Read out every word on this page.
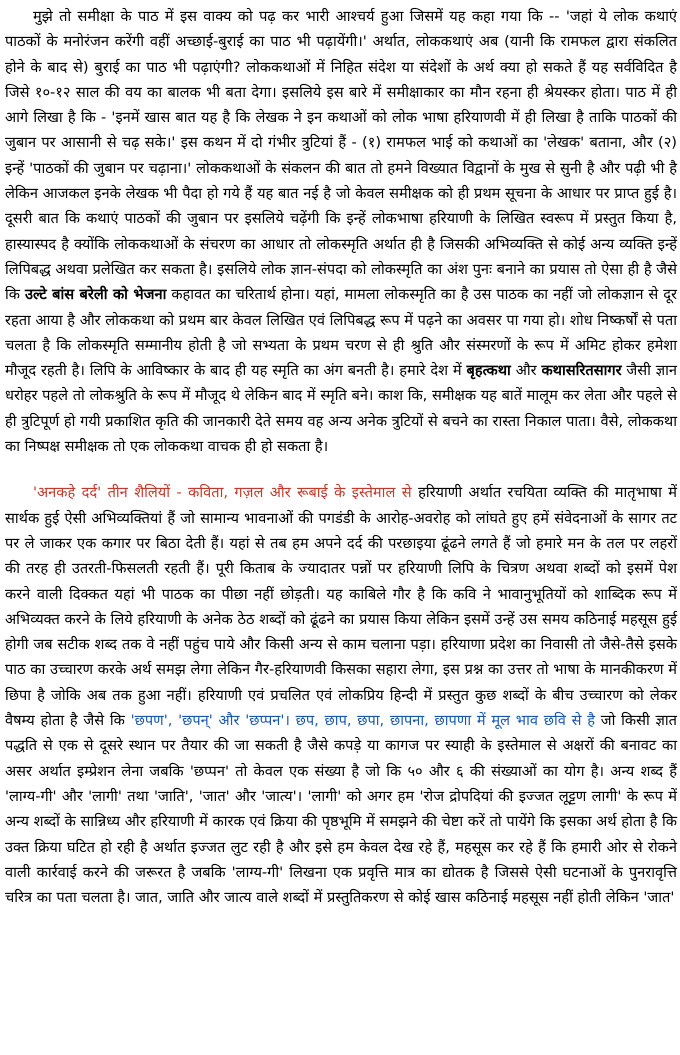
मुझे तो समीक्षा के पाठ में इस वाक्य को पढ़ कर भारी आश्चर्य हुआ जिसमें यह कहा गया कि -- 'जहां ये लोक कथाएं पाठकों के मनोरंजन करेंगी वहीं अच्छाई-बुराई का पाठ भी पढ़ायेंगी।' अर्थात, लोककथाएं अब (यानी कि रामफल द्वारा संकलित होने के बाद से) बुराई का पाठ भी पढ़ाएंगी? लोककथाओं में निहित संदेश या संदेशों के अर्थ क्या हो सकते हैं यह सर्वविदित है जिसे १०-१२ साल की वय का बालक भी बता देगा। इसलिये इस बारे में समीक्षाकार का मौन रहना ही श्रेयस्कर होता। पाठ में ही आगे लिखा है कि - 'इनमें खास बात यह है कि लेखक ने इन कथाओं को लोक भाषा हरियाणवी में ही लिखा है ताकि पाठकों की जुबान पर आसानी से चढ़ सके।' इस कथन में दो गंभीर त्रुटियां हैं - (१) रामफल भाई को कथाओं का 'लेखक' बताना, और (२) इन्हें 'पाठकों की जुबान पर चढ़ाना।' लोककथाओं के संकलन की बात तो हमने विख्यात विद्वानों के मुख से सुनी है और पढ़ी भी है लेकिन आजकल इनके लेखक भी पैदा हो गये हैं यह बात नई है जो केवल समीक्षक को ही प्रथम सूचना के आधार पर प्राप्त हुई है। दूसरी बात कि कथाएं पाठकों की जुबान पर इसलिये चढ़ेंगी कि इन्हें लोकभाषा हरियाणी के लिखित स्वरूप में प्रस्तुत किया है, हास्यास्पद है क्योंकि लोककथाओं के संचरण का आधार तो लोकस्मृति अर्थात ही है जिसकी अभिव्यक्ति से कोई अन्य व्यक्ति इन्हें लिपिबद्ध अथवा प्रलेखित कर सकता है। इसलिये लोक ज्ञान-संपदा को लोकस्मृति का अंश पुनः बनाने का प्रयास तो ऐसा ही है जैसे कि उल्टे बांस बरेली को भेजना कहावत का चरितार्थ होना। यहां, मामला लोकस्मृति का है उस पाठक का नहीं जो लोकज्ञान से दूर रहता आया है और लोककथा को प्रथम बार केवल लिखित एवं लिपिबद्ध रूप में पढ़ने का अवसर पा गया हो। शोध निष्कर्षों से पता चलता है कि लोकस्मृति सम्मानीय होती है जो सभ्यता के प्रथम चरण से ही श्रुति और संस्मरणों के रूप में अमिट होकर हमेशा मौजूद रहती है। लिपि के आविष्कार के बाद ही यह स्मृति का अंग बनती है। हमारे देश में बृहत्कथा और कथासरितसागर जैसी ज्ञान धरोहर पहले तो लोकश्रुति के रूप में मौजूद थे लेकिन बाद में स्मृति बने। काश कि, समीक्षक यह बातें मालूम कर लेता और पहले से ही त्रुटिपूर्ण हो गयी प्रकाशित कृति की जानकारी देते समय वह अन्य अनेक त्रुटियों से बचने का रास्ता निकाल पाता। वैसे, लोककथा का निष्पक्ष समीक्षक तो एक लोककथा वाचक ही हो सकता है।

'अनकहे दर्द' तीन शैलियों - कविता, गज़ल और रूबाई के इस्तेमाल से हरियाणी अर्थात रचयिता व्यक्ति की मातृभाषा में सार्थक हुई ऐसी अभिव्यक्तियां हैं जो सामान्य भावनाओं की पगडंडी के आरोह-अवरोह को लांघते हुए हमें संवेदनाओं के सागर तट पर ले जाकर एक कगार पर बिठा देती हैं। यहां से तब हम अपने दर्द की परछाइया ढूंढने लगते हैं जो हमारे मन के तल पर लहरों की तरह ही उतरती-फिसलती रहती हैं। पूरी किताब के ज्यादातर पन्नों पर हरियाणी लिपि के चित्रण अथवा शब्दों को इसमें पेश करने वाली दिक्कत यहां भी पाठक का पीछा नहीं छोड़ती। यह काबिले गौर है कि कवि ने भावानुभूतियों को शाब्दिक रूप में अभिव्यक्त करने के लिये हरियाणी के अनेक ठेठ शब्दों को ढूंढने का प्रयास किया लेकिन इसमें उन्हें उस समय कठिनाई महसूस हुई होगी जब सटीक शब्द तक वे नहीं पहुंच पाये और किसी अन्य से काम चलाना पड़ा। हरियाणा प्रदेश का निवासी तो जैसे-तैसे इसके पाठ का उच्चारण करके अर्थ समझ लेगा लेकिन गैर-हरियाणवी किसका सहारा लेगा, इस प्रश्न का उत्तर तो भाषा के मानकीकरण में छिपा है जोकि अब तक हुआ नहीं। हरियाणी एवं प्रचलित एवं लोकप्रिय हिन्दी में प्रस्तुत कुछ शब्दों के बीच उच्चारण को लेकर वैषम्य होता है जैसे कि 'छपण', 'छपन्' और 'छप्पन'। छप, छाप, छपा, छापना, छापणा में मूल भाव छवि से है जो किसी ज्ञात पद्धति से एक से दूसरे स्थान पर तैयार की जा सकती है जैसे कपड़े या कागज पर स्याही के इस्तेमाल से अक्षरों की बनावट का असर अर्थात इम्प्रेशन लेना जबकि 'छप्पन' तो केवल एक संख्या है जो कि ५० और ६ की संख्याओं का योग है। अन्य शब्द हैं 'लाग्य-गी' और 'लागी' तथा 'जाति', 'जात' और 'जात्य'। 'लागी' को अगर हम 'रोज द्रोपदियां की इज्जत लूट्टण लागी' के रूप में अन्य शब्दों के सान्निध्य और हरियाणी में कारक एवं क्रिया की पृष्ठभूमि में समझने की चेष्टा करें तो पायेंगे कि इसका अर्थ होता है कि उक्त क्रिया घटित हो रही है अर्थात इज्जत लुट रही है और इसे हम केवल देख रहे हैं, महसूस कर रहे हैं कि हमारी ओर से रोकने वाली कार्रवाई करने की जरूरत है जबकि 'लाग्य-गी' लिखना एक प्रवृत्ति मात्र का द्योतक है जिससे ऐसी घटनाओं के पुनरावृत्ति चरित्र का पता चलता है। जात, जाति और जात्य वाले शब्दों में प्रस्तुतिकरण से कोई खास कठिनाई महसूस नहीं होती लेकिन 'जात'
